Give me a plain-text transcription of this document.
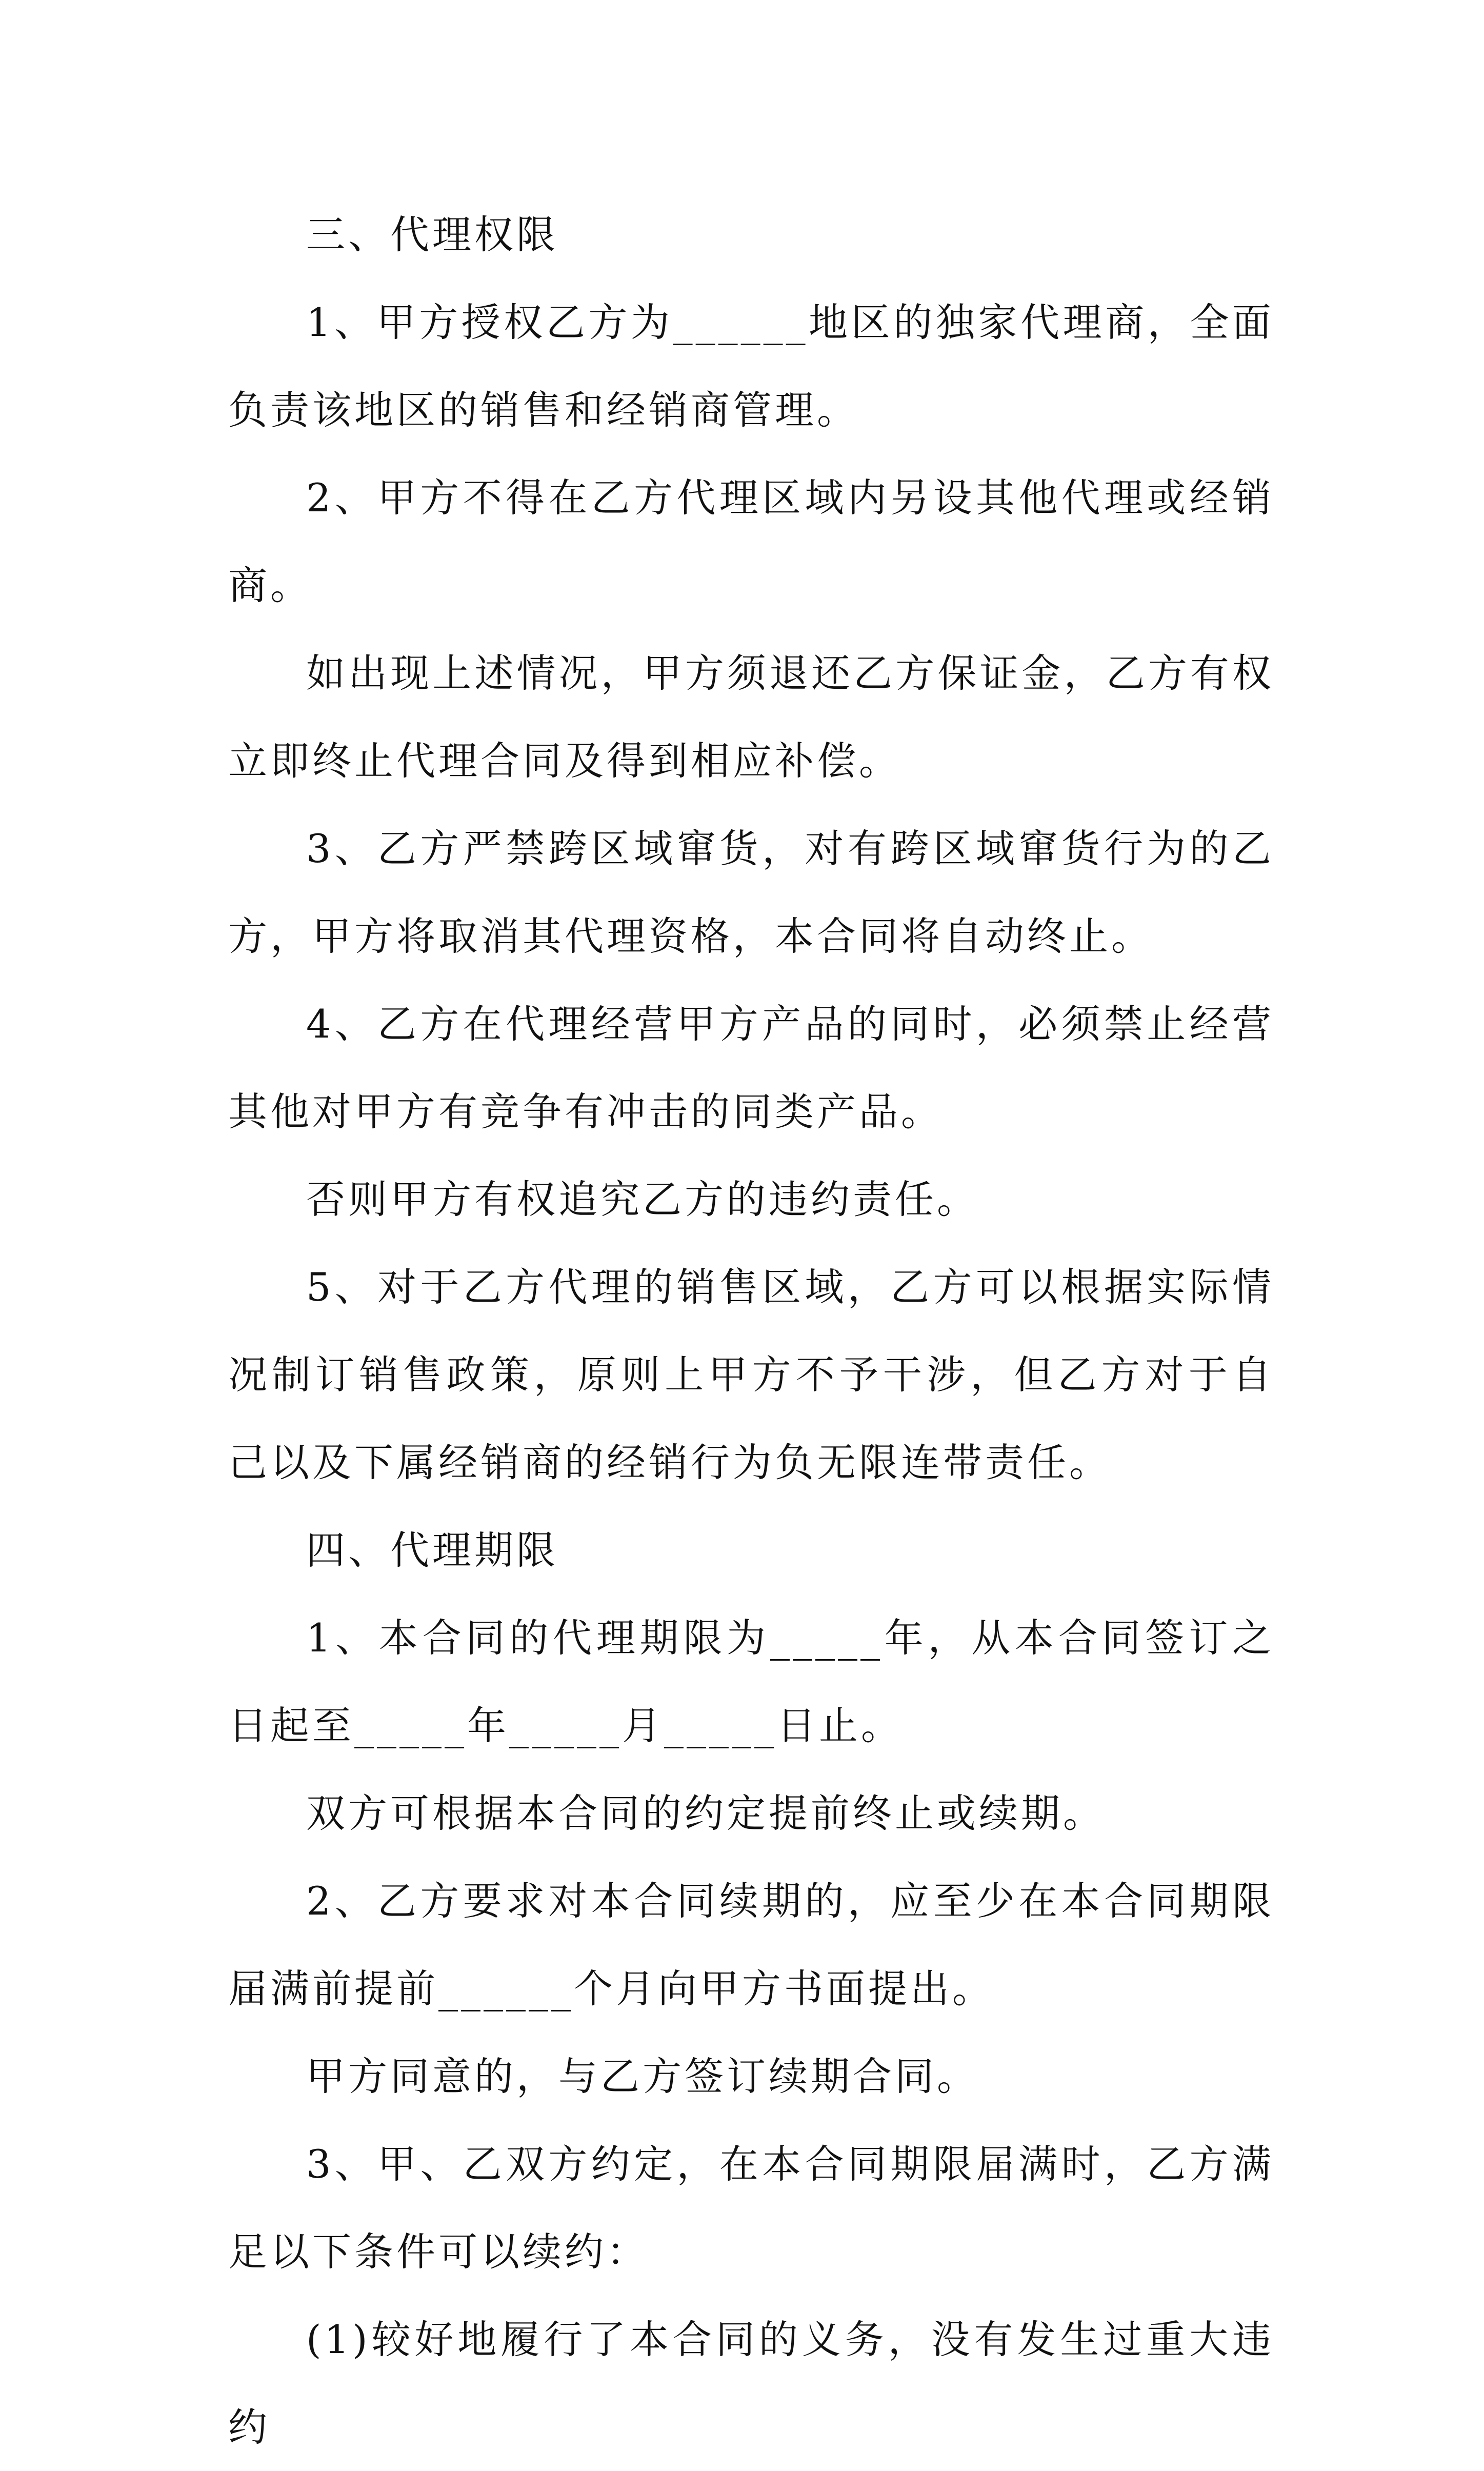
三、代理权限

1、甲方授权乙方为______地区的独家代理商，全面负责该地区的销售和经销商管理。

2、甲方不得在乙方代理区域内另设其他代理或经销商。

如出现上述情况，甲方须退还乙方保证金，乙方有权立即终止代理合同及得到相应补偿。

3、乙方严禁跨区域窜货，对有跨区域窜货行为的乙方，甲方将取消其代理资格，本合同将自动终止。

4、乙方在代理经营甲方产品的同时，必须禁止经营其他对甲方有竞争有冲击的同类产品。

否则甲方有权追究乙方的违约责任。

5、对于乙方代理的销售区域，乙方可以根据实际情况制订销售政策，原则上甲方不予干涉，但乙方对于自己以及下属经销商的经销行为负无限连带责任。

四、代理期限

1、本合同的代理期限为_____年，从本合同签订之日起至_____年_____月_____日止。

双方可根据本合同的约定提前终止或续期。

2、乙方要求对本合同续期的，应至少在本合同期限届满前提前______个月向甲方书面提出。

甲方同意的，与乙方签订续期合同。

3、甲、乙双方约定，在本合同期限届满时，乙方满足以下条件可以续约：

(1)较好地履行了本合同的义务，没有发生过重大违约
